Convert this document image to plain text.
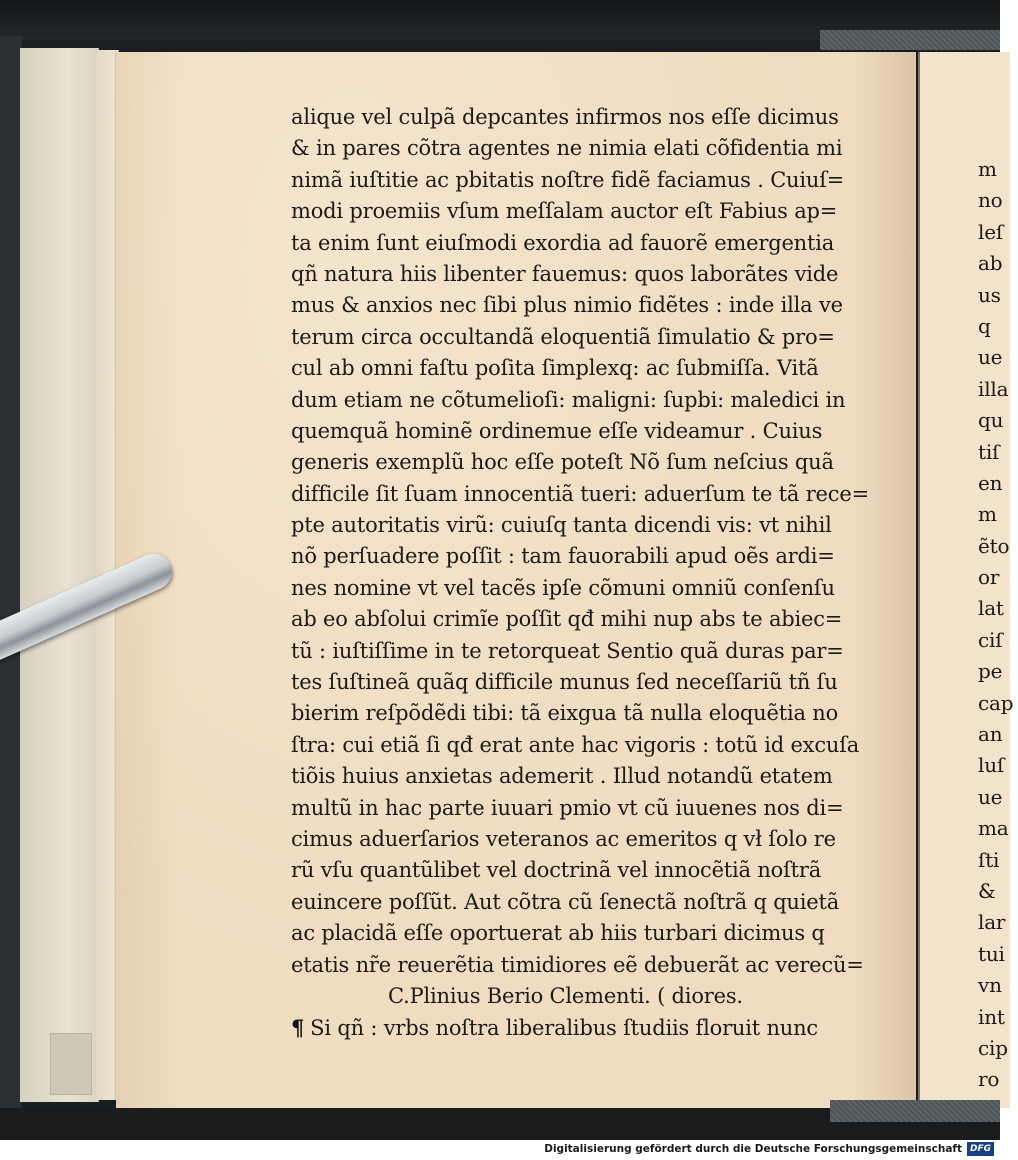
alique vel culpã depcantes infirmos nos eſſe dicimus
& in pares cõtra agentes ne nimia elati cõfidentia mi
nimã iuſtitie ac pbitatis noſtre fidẽ faciamus . Cuiuſ=
modi proemiis vſum meſſalam auctor eſt Fabius ap=
ta enim ſunt eiuſmodi exordia ad fauorẽ emergentia
qñ natura hiis libenter fauemus: quos laborãtes vide
mus & anxios nec ſibi plus nimio fidẽtes : inde illa ve
terum circa occultandã eloquentiã ſimulatio & pro=
cul ab omni faſtu poſita ſimplexq: ac ſubmiſſa. Vitã
dum etiam ne cõtumelioſi: maligni: ſupbi: maledici in
quemquã hominẽ ordinemue eſſe videamur . Cuius
generis exemplũ hoc eſſe poteſt Nõ ſum neſcius quã
difficile ſit ſuam innocentiã tueri: aduerſum te tã rece=
pte autoritatis virũ: cuiuſq tanta dicendi vis: vt nihil
nõ perſuadere poſſit : tam fauorabili apud oẽs ardi=
nes nomine vt vel tacẽs ipſe cõmuni omniũ conſenſu
ab eo abſolui crimĩe poſſit qđ mihi nup abs te abiec=
tũ : iuſtiſſime in te retorqueat Sentio quã duras par=
tes ſuſtineã quãq difficile munus ſed neceſſariũ tñ ſu
bierim reſpõdẽdi tibi: tã eixgua tã nulla eloquẽtia no
ſtra: cui etiã ſi qđ erat ante hac vigoris : totũ id excuſa
tiõis huius anxietas ademerit . Illud notandũ etatem
multũ in hac parte iuuari pmio vt cũ iuuenes nos di=
cimus aduerſarios veteranos ac emeritos q vł ſolo re
rũ vſu quantũlibet vel doctrinã vel innocẽtiã noſtrã
euincere poſſũt. Aut cõtra cũ ſenectã noſtrã q quietã
ac placidã eſſe oportuerat ab hiis turbari dicimus q
etatis nr̃e reuerẽtia timidiores eẽ debuerãt ac verecũ=
C.Plinius Berio Clementi. ( diores.
¶ Si qñ : vrbs noſtra liberalibus ſtudiis floruit nunc
m
no
leſ
ab
us
q
ue
illa
qu
tiſ
en
m
ẽto
or
lat
ciſ
pe
cap
an
luſ
ue
ma
ſti
&
lar
tui
vn
int
cip
ro
Digitalisierung gefördert durch die Deutsche Forschungsgemeinschaft DFG
